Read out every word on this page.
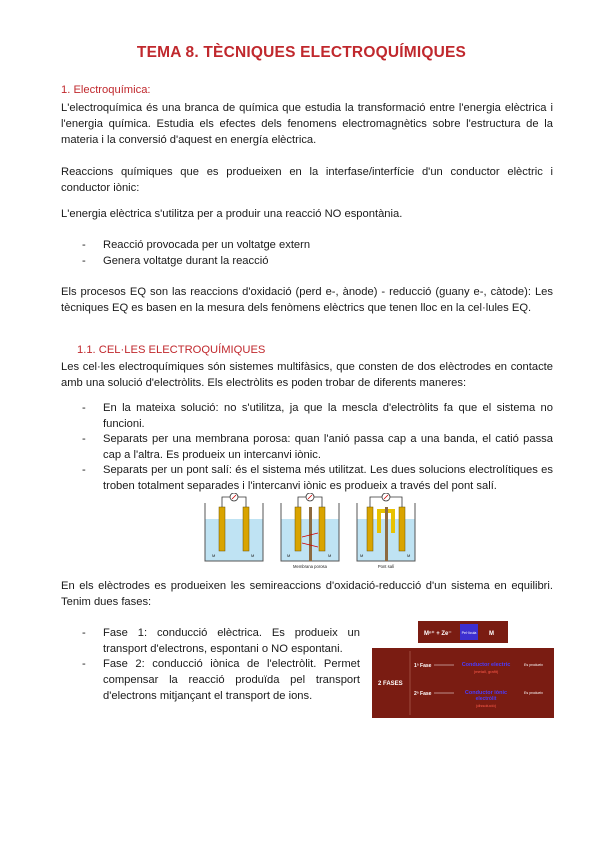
TEMA 8. TÈCNIQUES ELECTROQUÍMIQUES
1. Electroquímica:
L'electroquímica és una branca de química que estudia la transformació entre l'energia elèctrica i l'energia química. Estudia els efectes dels fenomens electromagnètics sobre l'estructura de la materia i la conversió d'aquest en energía elèctrica.
Reaccions químiques que es produeixen en la interfase/interfície d'un conductor elèctric i conductor iònic:
L'energia elèctrica s'utilitza per a produir una reacció NO espontània.
- Reacció provocada per un voltatge extern
- Genera voltatge durant la reacció
Els procesos EQ son las reaccions d'oxidació (perd e-, ànode) - reducció (guany e-, càtode): Les tècniques EQ es basen en la mesura dels fenòmens elèctrics que tenen lloc en la cel·lules EQ.
1.1. CEL·LES ELECTROQUÍMIQUES
Les cel·les electroquímiques són sistemes multifàsics, que consten de dos elèctrodes en contacte amb una solució d'electròlits. Els electròlits es poden trobar de diferents maneres:
- En la mateixa solució: no s'utilitza, ja que la mescla d'electròlits fa que el sistema no funcioni.
- Separats per una membrana porosa: quan l'anió passa cap a una banda, el catió passa cap a l'altra. Es produeix un intercanvi iònic.
- Separats per un pont salí: és el sistema més utilitzat. Les dues solucions electrolítiques es troben totalment separades i l'intercanvi iònic es produeix a través del pont salí.
M	M	M	M
Membrana porosa
M	M
Pont salí
En els elèctrodes es produeixen les semireaccions d'oxidació-reducció d'un sistema en equilibri. Tenim dues fases:
- Fase 1: conducció elèctrica. Es produeix un transport d'electrons, espontani o NO espontani.
- Fase 2: conducció iònica de l'electròlit. Permet compensar la reacció produïda pel transport d'electrons mitjançant el transport de ions.
Mⁿ⁺ + Ze⁻	Pel·lícula M
2 FASES
1ª Fase	Conductor electric
(metall, grafit)
Es produeix
2ª Fase	Conductor iònic
electròlit
(dissolució)
Es produeix
